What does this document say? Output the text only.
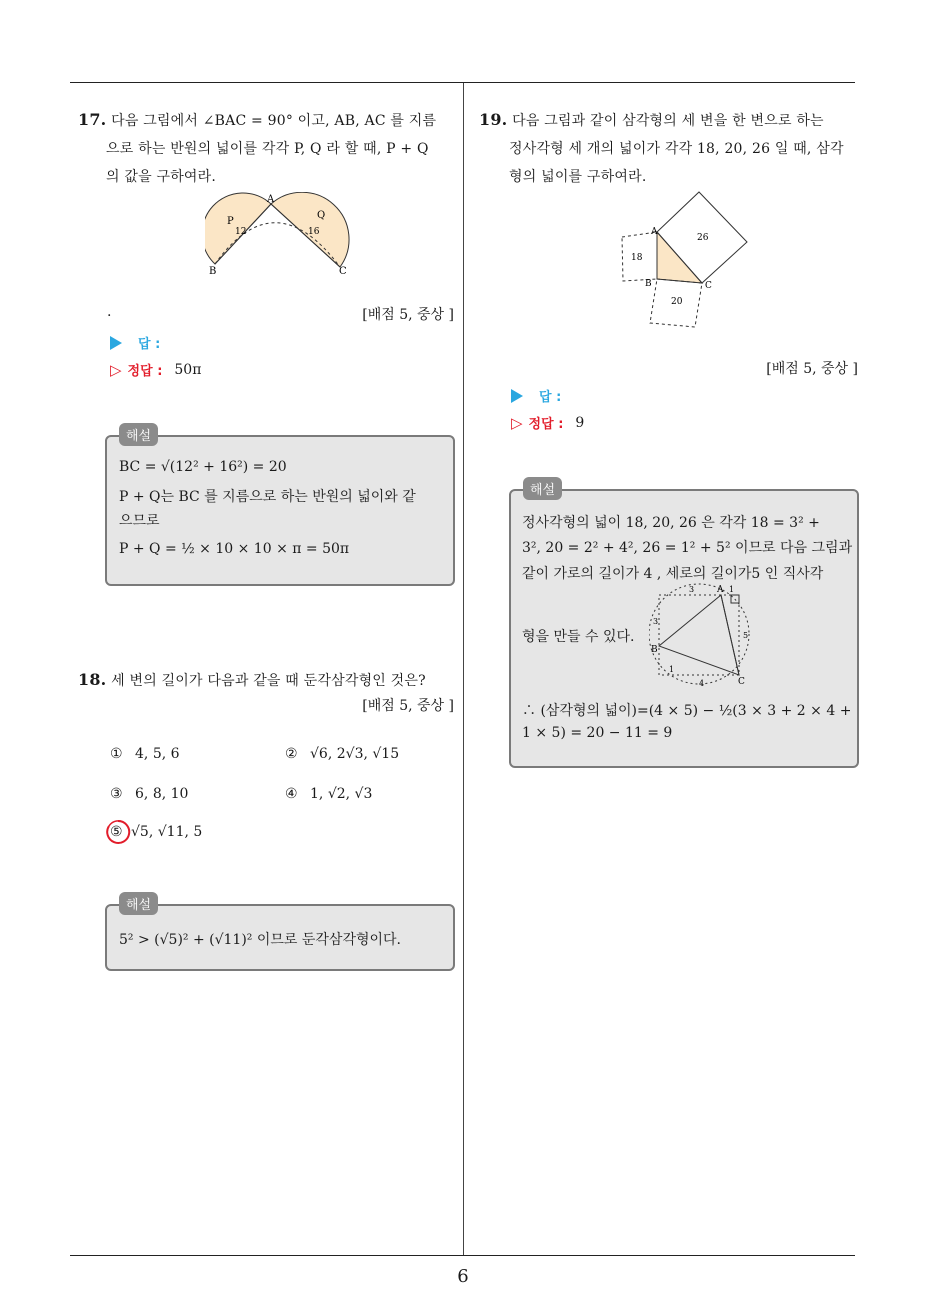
17. 다음 그림에서 ∠BAC = 90° 이고, AB, AC 를 지름
으로 하는 반원의 넓이를 각각 P, Q 라 할 때, P + Q
의 값을 구하여라.
A
B	C
P
Q
12	16
.	[배점 5, 중상 ]
답 :
▷ 정답 : 50π
해설
BC = √(12² + 16²) = 20
P + Q는 BC 를 지름으로 하는 반원의 넓이와 같
으므로
P + Q = ½ × 10 × 10 × π = 50π
18. 세 변의 길이가 다음과 같을 때 둔각삼각형인 것은?
[배점 5, 중상 ]
① 4, 5, 6	② √6, 2√3, √15
③ 6, 8, 10	④ 1, √2, √3
⑤ √5, √11, 5
해설
5² > (√5)² + (√11)² 이므로 둔각삼각형이다.
19. 다음 그림과 같이 삼각형의 세 변을 한 변으로 하는
정사각형 세 개의 넓이가 각각 18, 20, 26 일 때, 삼각
형의 넓이를 구하여라.
A
B	C
18
26
20
[배점 5, 중상 ]
답 :
▷ 정답 : 9
해설
정사각형의 넓이 18, 20, 26 은 각각 18 = 3² +
3², 20 = 2² + 4², 26 = 1² + 5² 이므로 다음 그림과
같이 가로의 길이가 4 , 세로의 길이가5 인 직사각
형을 만들 수 있다.
A
B
C
3	1
3
5
4
1
∴ (삼각형의 넓이)=(4 × 5) − ½(3 × 3 + 2 × 4 +
1 × 5) = 20 − 11 = 9
6
